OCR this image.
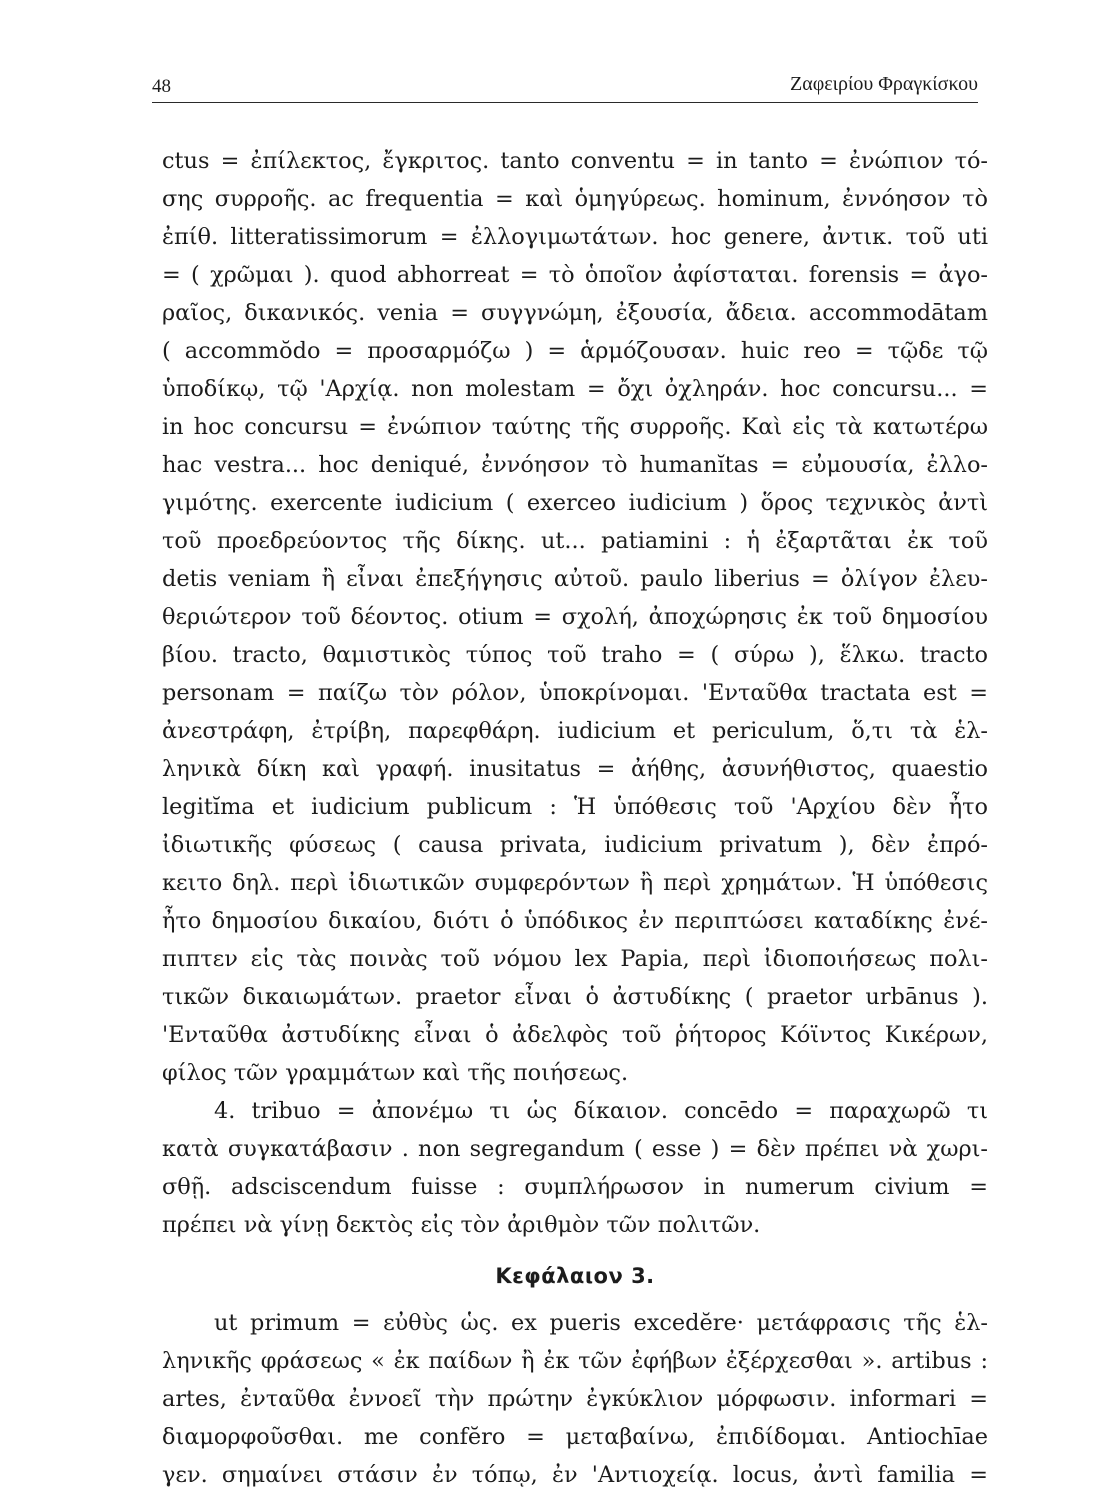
48	Ζαφειρίου Φραγκίσκου
ctus = ἐπίλεκτος, ἔγκριτος. tanto conventu = in tanto = ἐνώπιον τό-
σης συρροῆς. ac frequentia = καὶ ὁμηγύρεως. hominum, ἐννόησον τὸ
ἐπίθ. litteratissimorum = ἐλλογιμωτάτων. hoc genere, ἀντικ. τοῦ uti
= ( χρῶμαι ). quod abhorreat = τὸ ὁποῖον ἀφίσταται. forensis = ἀγο-
ραῖος, δικανικός. venia = συγγνώμη, ἐξουσία, ἄδεια. accommodātam
( accommŏdo = προσαρμόζω ) = ἁρμόζουσαν. huic reo = τῷδε τῷ
ὑποδίκῳ, τῷ 'Αρχίᾳ. non molestam = ὄχι ὀχληράν. hoc concursu... =
in hoc concursu = ἐνώπιον ταύτης τῆς συρροῆς. Καὶ εἰς τὰ κατωτέρω
hac vestra... hoc deniqué, ἐννόησον τὸ humanĭtas = εὐμουσία, ἐλλο-
γιμότης. exercente iudicium ( exerceo iudicium ) ὅρος τεχνικὸς ἀντὶ
τοῦ προεδρεύοντος τῆς δίκης. ut... patiamini : ἡ ἐξαρτᾶται ἐκ τοῦ
detis veniam ἢ εἶναι ἐπεξήγησις αὐτοῦ. paulo liberius = ὀλίγον ἐλευ-
θεριώτερον τοῦ δέοντος. otium = σχολή, ἀποχώρησις ἐκ τοῦ δημοσίου
βίου. tracto, θαμιστικὸς τύπος τοῦ traho = ( σύρω ), ἕλκω. tracto
personam = παίζω τὸν ρόλον, ὑποκρίνομαι. 'Ενταῦθα tractata est =
ἀνεστράφη, ἐτρίβη, παρεφθάρη. iudicium et periculum, ὅ,τι τὰ ἑλ-
ληνικὰ δίκη καὶ γραφή. inusitatus = ἀήθης, ἀσυνήθιστος, quaestio
legitĭma et iudicium publicum : Ἡ ὑπόθεσις τοῦ 'Αρχίου δὲν ἦτο
ἰδιωτικῆς φύσεως ( causa privata, iudicium privatum ), δὲν ἐπρό-
κειτο δηλ. περὶ ἰδιωτικῶν συμφερόντων ἢ περὶ χρημάτων. Ἡ ὑπόθεσις
ἦτο δημοσίου δικαίου, διότι ὁ ὑπόδικος ἐν περιπτώσει καταδίκης ἐνέ-
πιπτεν εἰς τὰς ποινὰς τοῦ νόμου lex Papia, περὶ ἰδιοποιήσεως πολι-
τικῶν δικαιωμάτων. praetor εἶναι ὁ ἀστυδίκης ( praetor urbānus ).
'Ενταῦθα ἀστυδίκης εἶναι ὁ ἀδελφὸς τοῦ ῥήτορος Κόϊντος Κικέρων,
φίλος τῶν γραμμάτων καὶ τῆς ποιήσεως.
4. tribuo = ἀπονέμω τι ὡς δίκαιον. concēdo = παραχωρῶ τι
κατὰ συγκατάβασιν . non segregandum ( esse ) = δὲν πρέπει νὰ χωρι-
σθῇ. adsciscendum fuisse : συμπλήρωσον in numerum civium =
πρέπει νὰ γίνῃ δεκτὸς εἰς τὸν ἀριθμὸν τῶν πολιτῶν.
Κεφάλαιον 3.
ut primum = εὐθὺς ὡς. ex pueris excedĕre· μετάφρασις τῆς ἑλ-
ληνικῆς φράσεως « ἐκ παίδων ἢ ἐκ τῶν ἐφήβων ἐξέρχεσθαι ». artibus :
artes, ἐνταῦθα ἐννοεῖ τὴν πρώτην ἐγκύκλιον μόρφωσιν. informari =
διαμορφοῦσθαι. me confĕro = μεταβαίνω, ἐπιδίδομαι. Antiochīae
γεν. σημαίνει στάσιν ἐν τόπῳ, ἐν 'Αντιοχείᾳ. locus, ἀντὶ familia =
